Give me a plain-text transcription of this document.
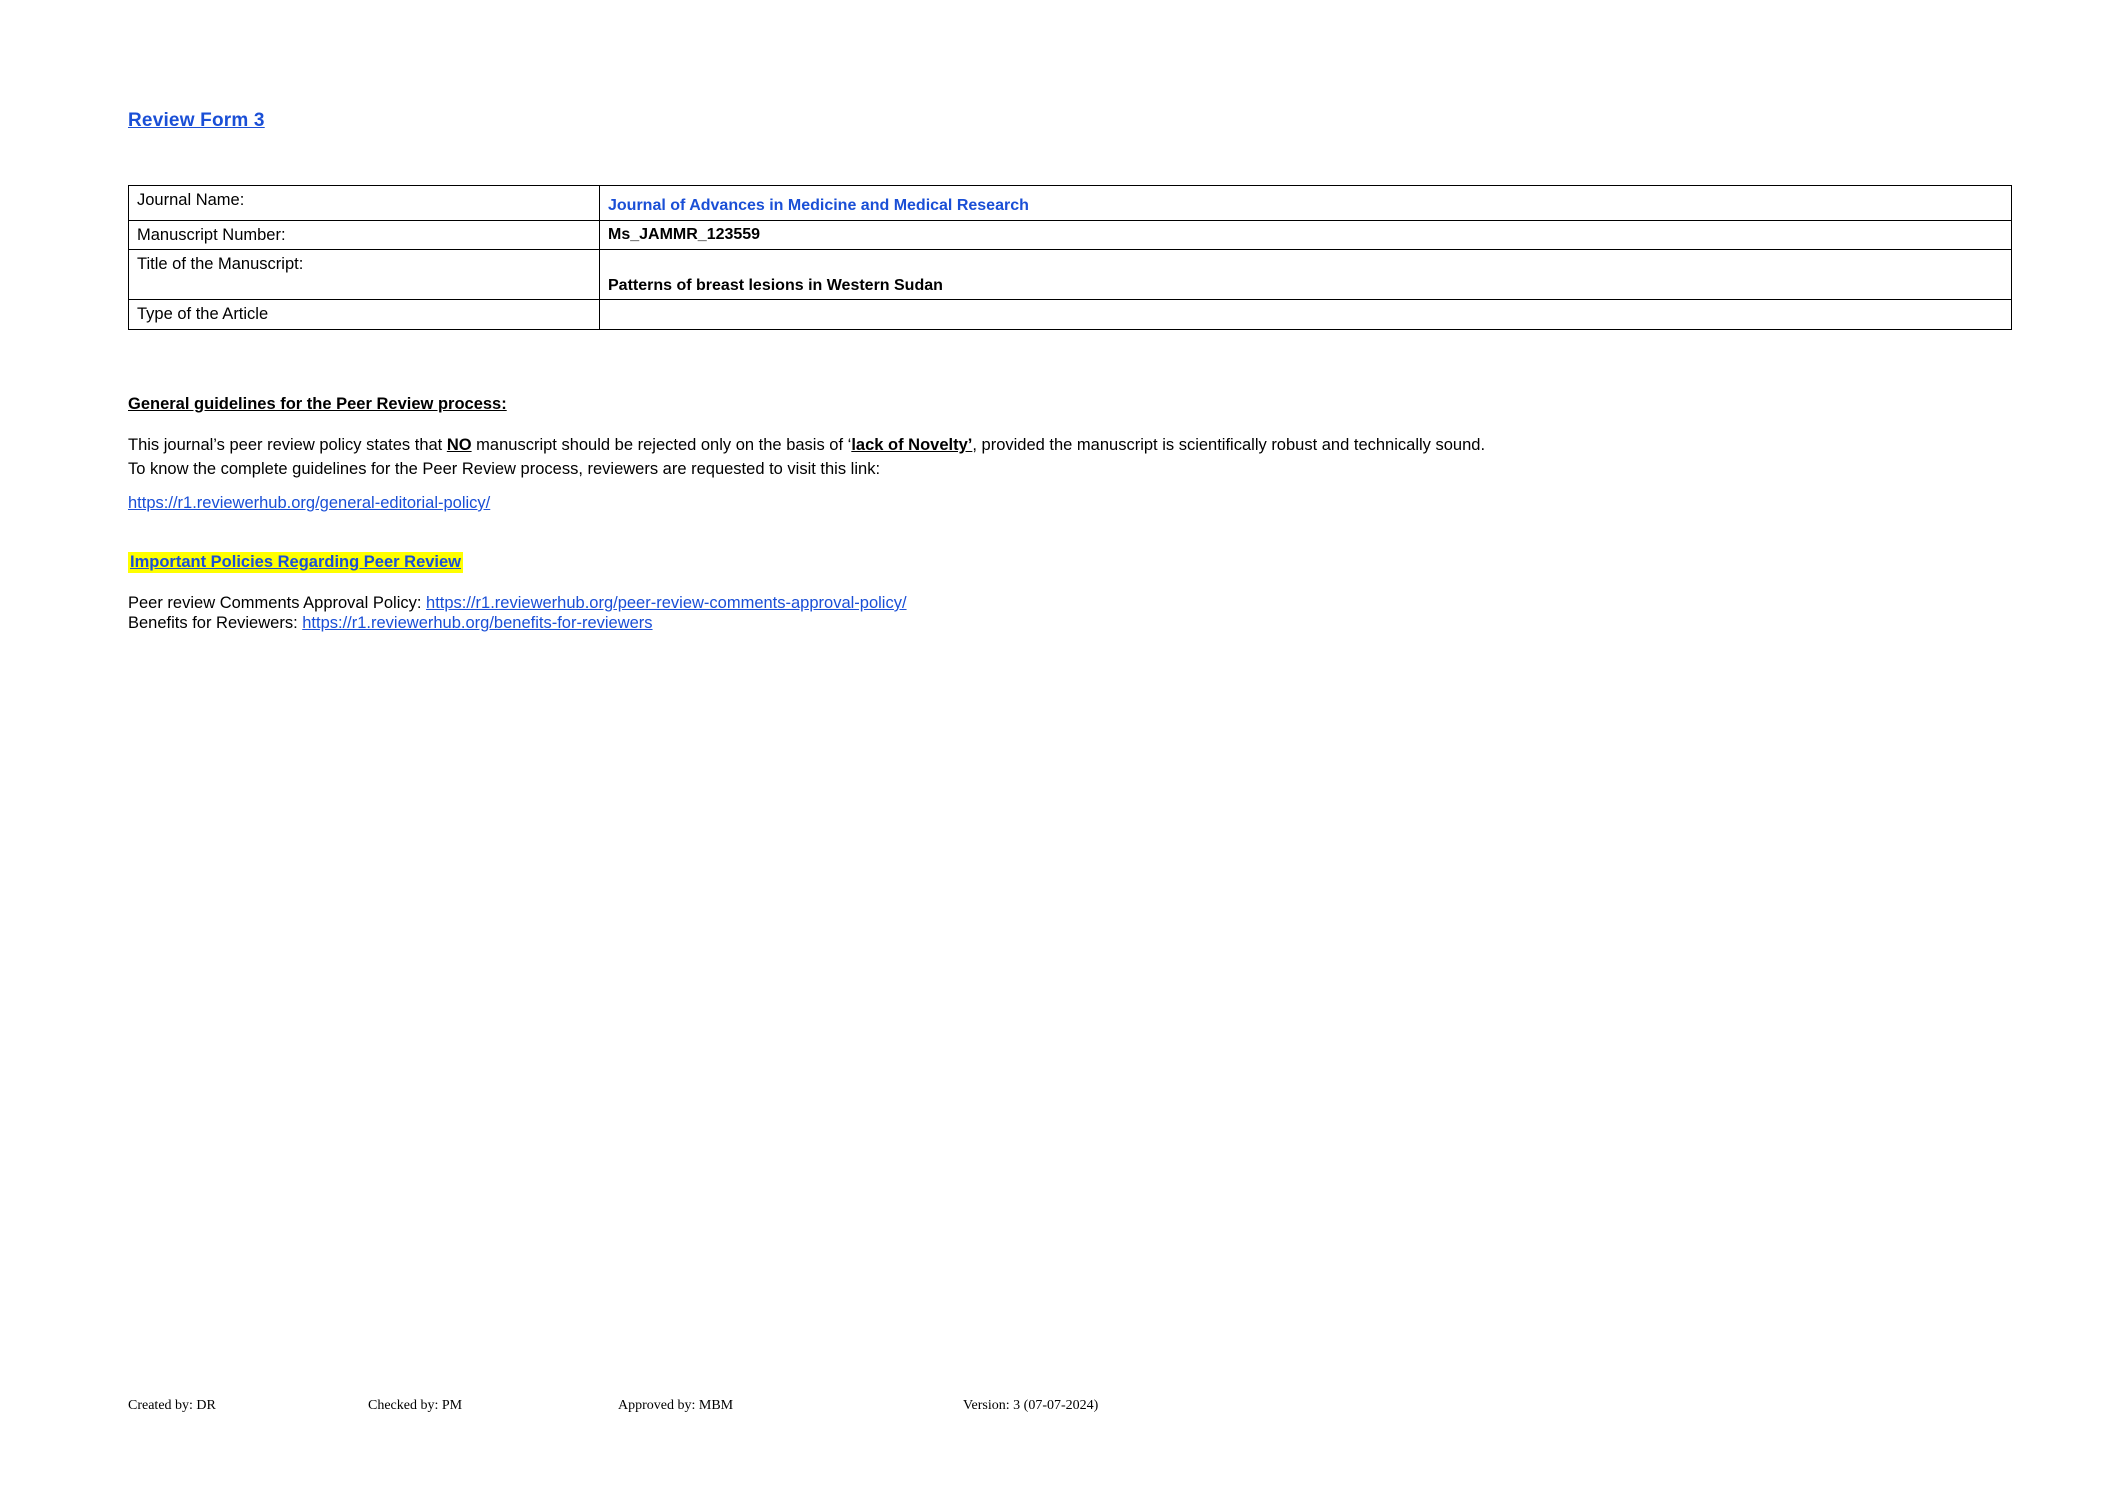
Review Form 3
Journal Name:	Journal of Advances in Medicine and Medical Research

Manuscript Number:	Ms_JAMMR_123559

Title of the Manuscript:	Patterns of breast lesions in Western Sudan

Type of the Article	
General guidelines for the Peer Review process:
This journal’s peer review policy states that NO manuscript should be rejected only on the basis of ‘lack of Novelty’, provided the manuscript is scientifically robust and technically sound.
To know the complete guidelines for the Peer Review process, reviewers are requested to visit this link:
https://r1.reviewerhub.org/general-editorial-policy/
Important Policies Regarding Peer Review
Peer review Comments Approval Policy: https://r1.reviewerhub.org/peer-review-comments-approval-policy/
Benefits for Reviewers: https://r1.reviewerhub.org/benefits-for-reviewers
Created by: DR	Checked by: PM	Approved by: MBM	Version: 3 (07-07-2024)
